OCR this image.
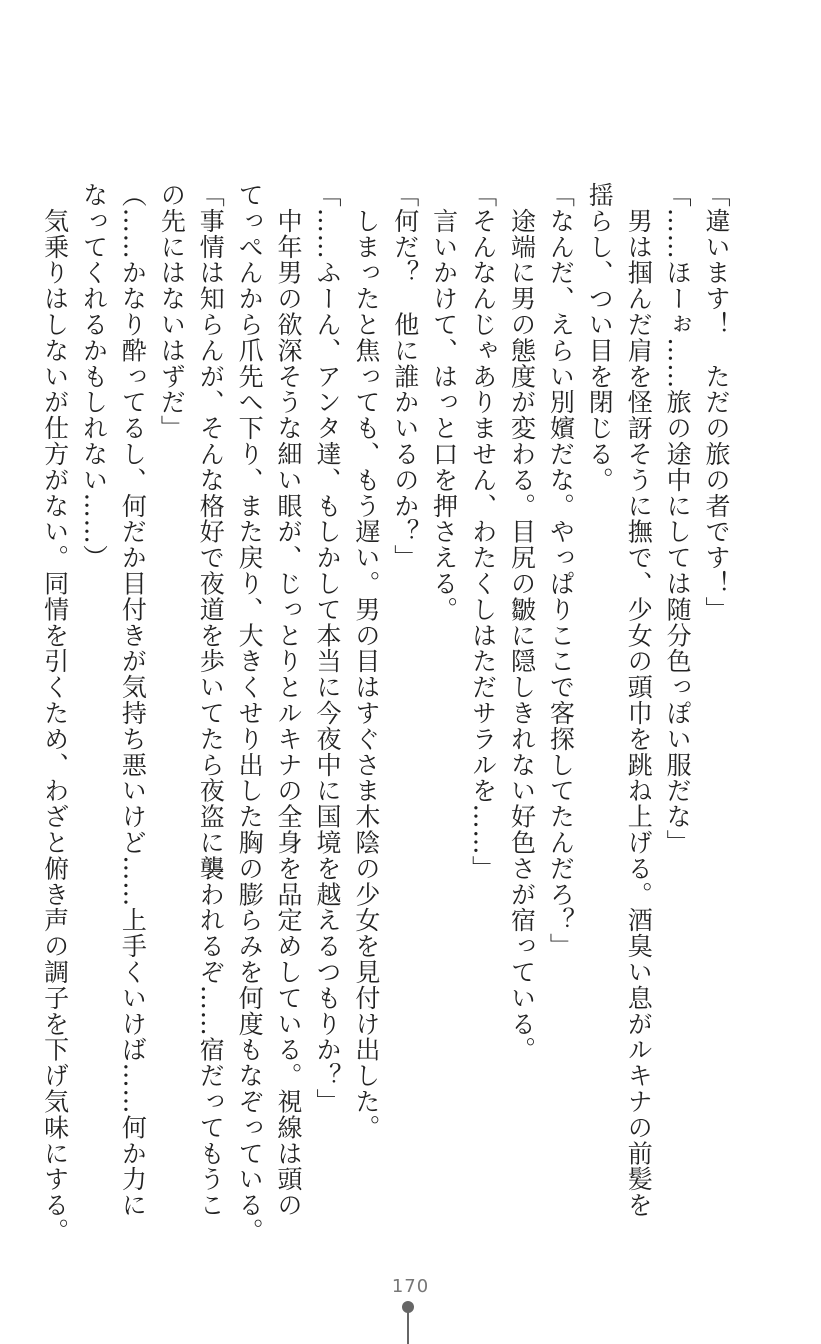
「違います！　ただの旅の者です！」
「……ほーぉ……旅の途中にしては随分色っぽい服だな」
　男は掴んだ肩を怪訝そうに撫で、少女の頭巾を跳ね上げる。酒臭い息がルキナの前髪を
揺らし、つい目を閉じる。
「なんだ、えらい別嬪だな。やっぱりここで客探してたんだろ？」
　途端に男の態度が変わる。目尻の皺に隠しきれない好色さが宿っている。
「そんなんじゃありません、わたくしはただサラルを……」
　言いかけて、はっと口を押さえる。
「何だ？　他に誰かいるのか？」
　しまったと焦っても、もう遅い。男の目はすぐさま木陰の少女を見付け出した。
「……ふーん、アンタ達、もしかして本当に今夜中に国境を越えるつもりか？」
　中年男の欲深そうな細い眼が、じっとりとルキナの全身を品定めしている。視線は頭の
てっぺんから爪先へ下り、また戻り、大きくせり出した胸の膨らみを何度もなぞっている。
「事情は知らんが、そんな格好で夜道を歩いてたら夜盗に襲われるぞ……宿だってもうこ
の先にはないはずだ」
（……かなり酔ってるし、何だか目付きが気持ち悪いけど……上手くいけば……何か力に
なってくれるかもしれない……）
　気乗りはしないが仕方がない。同情を引くため、わざと俯き声の調子を下げ気味にする。
170
